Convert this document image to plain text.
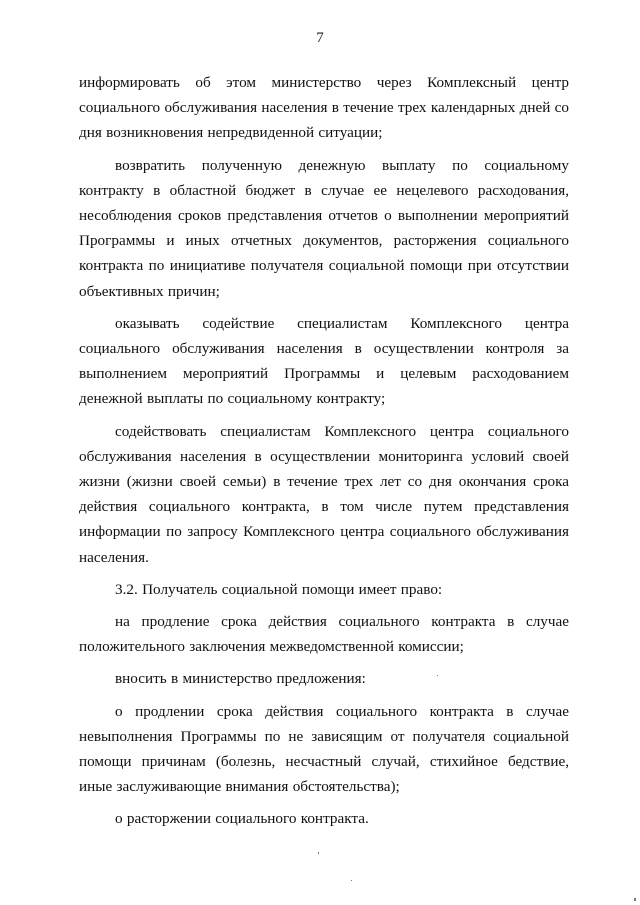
7

информировать об этом министерство через Комплексный центр социального обслуживания населения в течение трех календарных дней со дня возникновения непредвиденной ситуации;

возвратить полученную денежную выплату по социальному контракту в областной бюджет в случае ее нецелевого расходования, несоблюдения сроков представления отчетов о выполнении мероприятий Программы и иных отчетных документов, расторжения социального контракта по инициативе получателя социальной помощи при отсутствии объективных причин;

оказывать содействие специалистам Комплексного центра социального обслуживания населения в осуществлении контроля за выполнением мероприятий Программы и целевым расходованием денежной выплаты по социальному контракту;

содействовать специалистам Комплексного центра социального обслуживания населения в осуществлении мониторинга условий своей жизни (жизни своей семьи) в течение трех лет со дня окончания срока действия социального контракта, в том числе путем представления информации по запросу Комплексного центра социального обслуживания населения.

3.2. Получатель социальной помощи имеет право:

на продление срока действия социального контракта в случае положительного заключения межведомственной комиссии;

вносить в министерство предложения:

о продлении срока действия социального контракта в случае невыполнения Программы по не зависящим от получателя социальной помощи причинам (болезнь, несчастный случай, стихийное бедствие, иные заслуживающие внимания обстоятельства);

о расторжении социального контракта.
